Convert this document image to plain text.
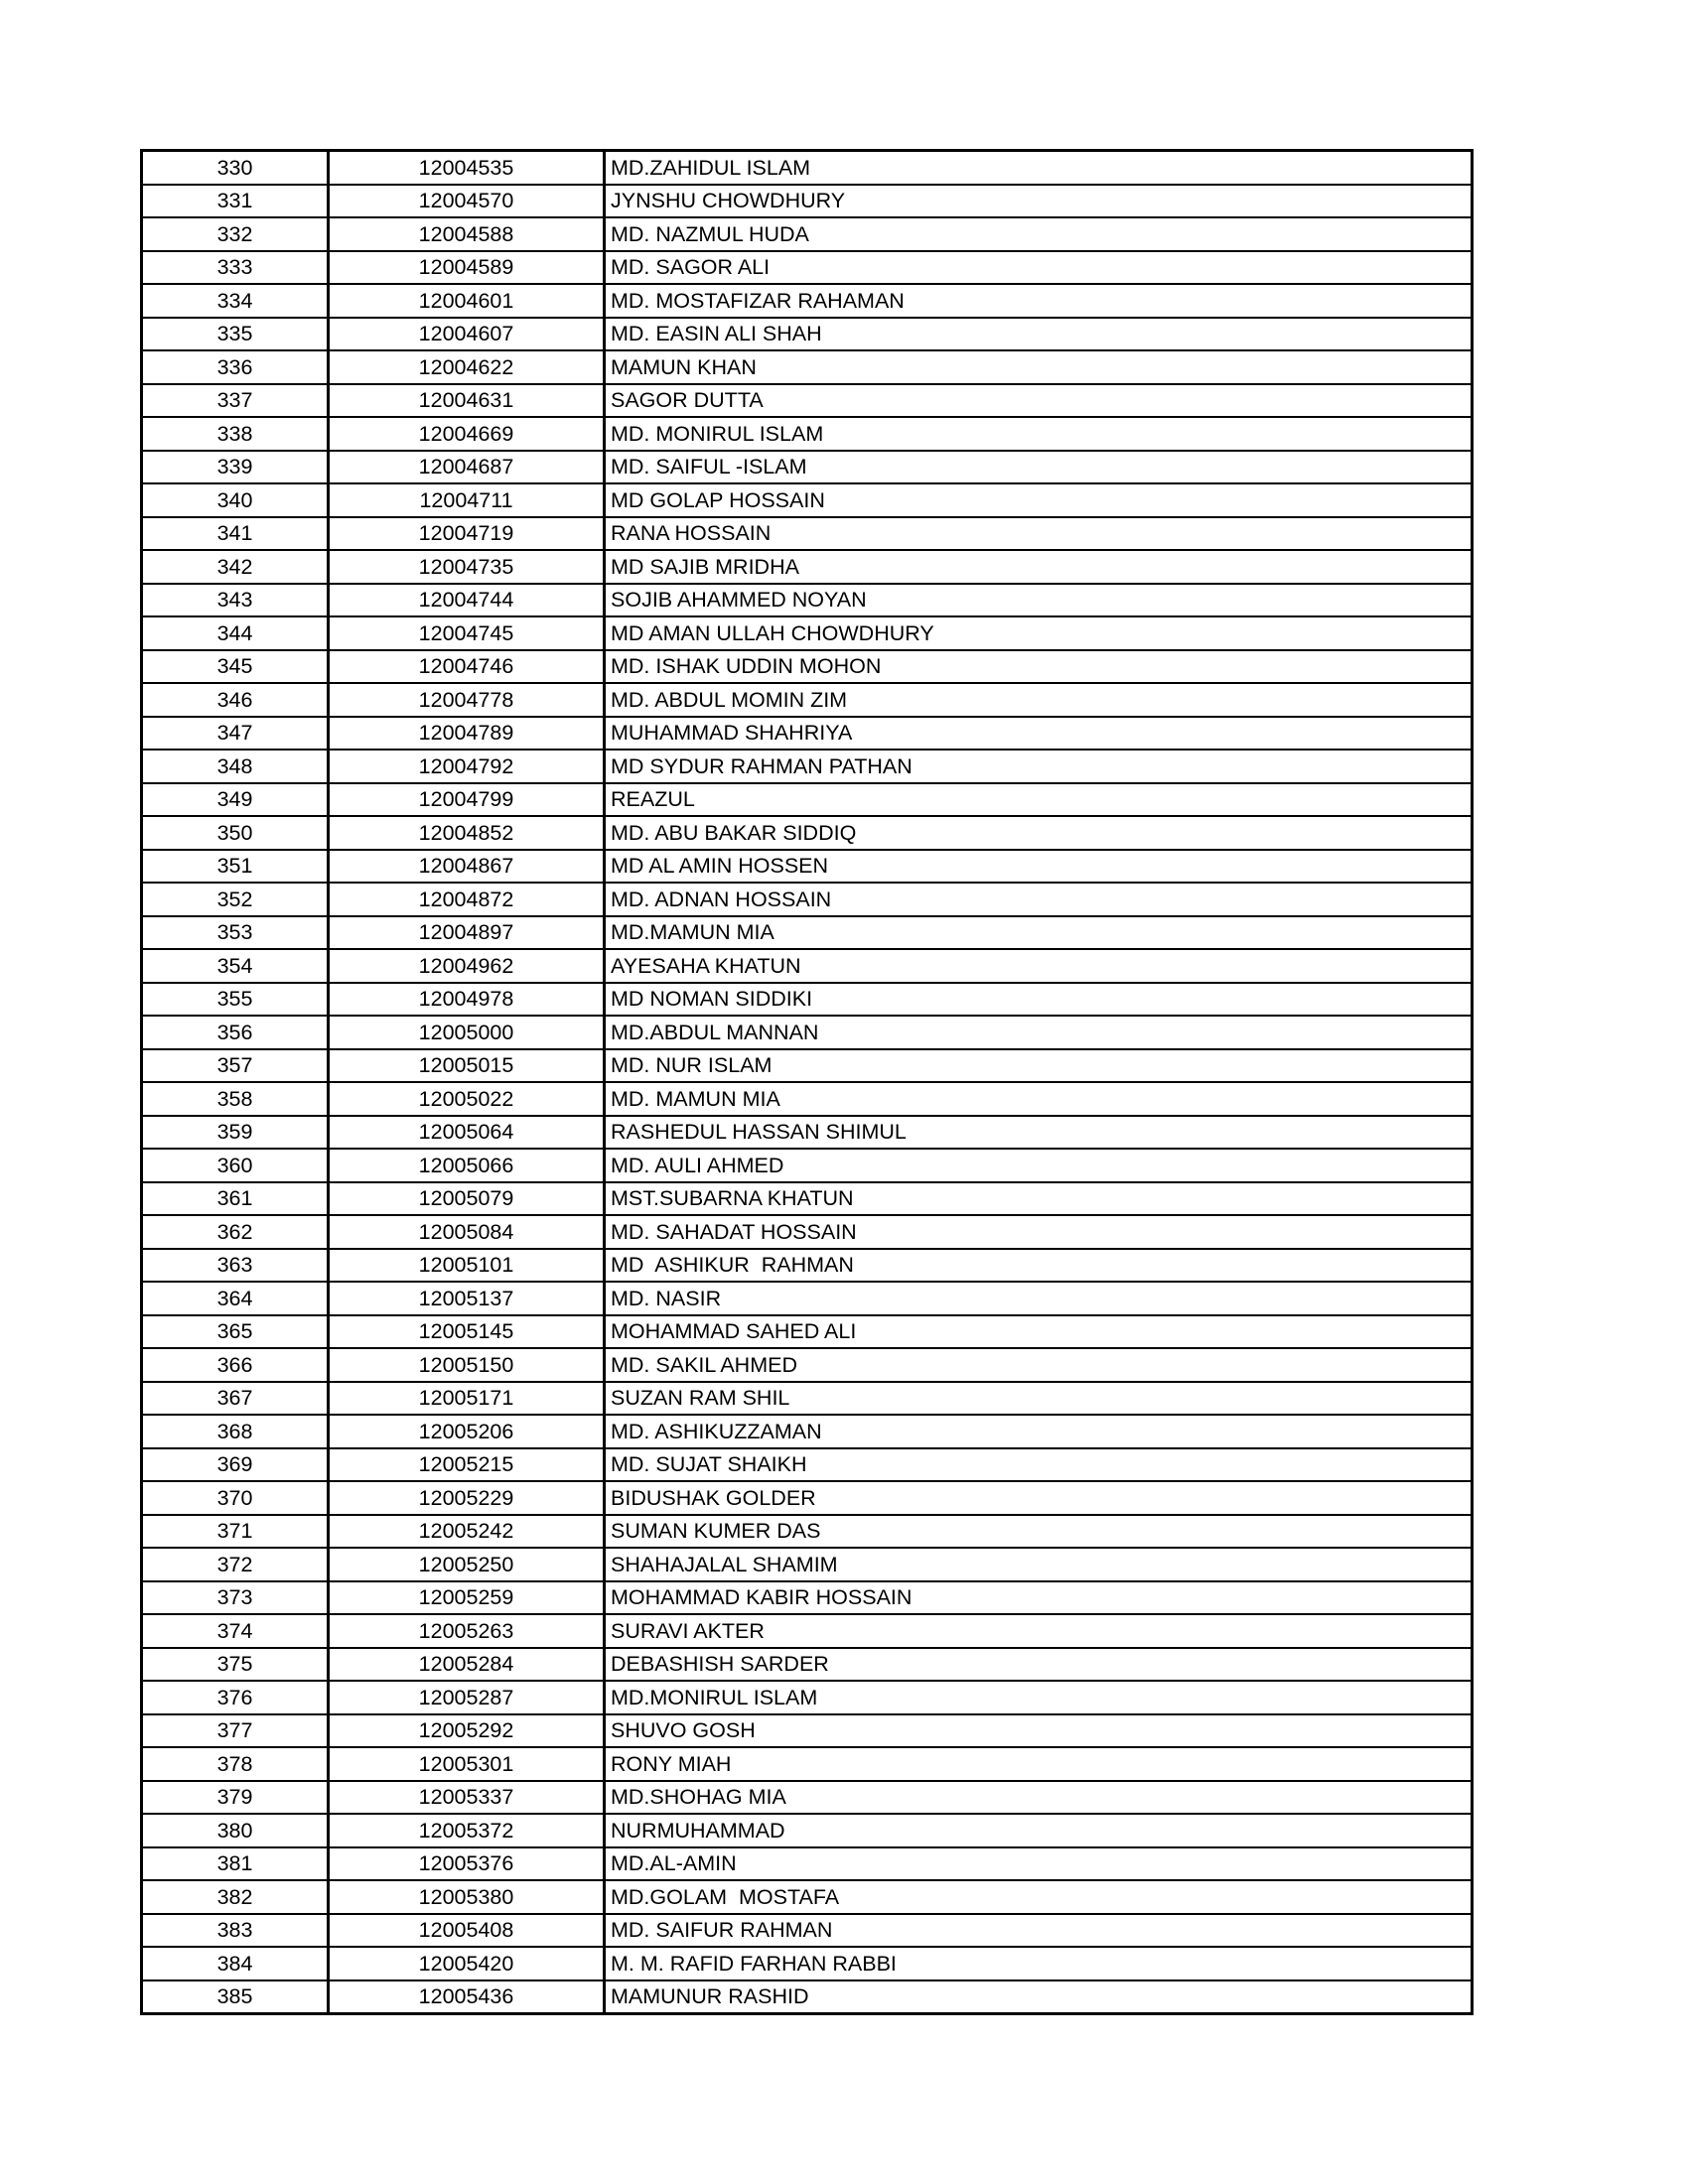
330	12004535	MD.ZAHIDUL ISLAM
331	12004570	JYNSHU CHOWDHURY
332	12004588	MD. NAZMUL HUDA
333	12004589	MD. SAGOR ALI
334	12004601	MD. MOSTAFIZAR RAHAMAN
335	12004607	MD. EASIN ALI SHAH
336	12004622	MAMUN KHAN
337	12004631	SAGOR DUTTA
338	12004669	MD. MONIRUL ISLAM
339	12004687	MD. SAIFUL -ISLAM
340	12004711	MD GOLAP HOSSAIN
341	12004719	RANA HOSSAIN
342	12004735	MD SAJIB MRIDHA
343	12004744	SOJIB AHAMMED NOYAN
344	12004745	MD AMAN ULLAH CHOWDHURY
345	12004746	MD. ISHAK UDDIN MOHON
346	12004778	MD. ABDUL MOMIN ZIM
347	12004789	MUHAMMAD SHAHRIYA
348	12004792	MD SYDUR RAHMAN PATHAN
349	12004799	REAZUL
350	12004852	MD. ABU BAKAR SIDDIQ
351	12004867	MD AL AMIN HOSSEN
352	12004872	MD. ADNAN HOSSAIN
353	12004897	MD.MAMUN MIA
354	12004962	AYESAHA KHATUN
355	12004978	MD NOMAN SIDDIKI
356	12005000	MD.ABDUL MANNAN
357	12005015	MD. NUR ISLAM
358	12005022	MD. MAMUN MIA
359	12005064	RASHEDUL HASSAN SHIMUL
360	12005066	MD. AULI AHMED
361	12005079	MST.SUBARNA KHATUN
362	12005084	MD. SAHADAT HOSSAIN
363	12005101	MD  ASHIKUR  RAHMAN
364	12005137	MD. NASIR
365	12005145	MOHAMMAD SAHED ALI
366	12005150	MD. SAKIL AHMED
367	12005171	SUZAN RAM SHIL
368	12005206	MD. ASHIKUZZAMAN
369	12005215	MD. SUJAT SHAIKH
370	12005229	BIDUSHAK GOLDER
371	12005242	SUMAN KUMER DAS
372	12005250	SHAHAJALAL SHAMIM
373	12005259	MOHAMMAD KABIR HOSSAIN
374	12005263	SURAVI AKTER
375	12005284	DEBASHISH SARDER
376	12005287	MD.MONIRUL ISLAM
377	12005292	SHUVO GOSH
378	12005301	RONY MIAH
379	12005337	MD.SHOHAG MIA
380	12005372	NURMUHAMMAD
381	12005376	MD.AL-AMIN
382	12005380	MD.GOLAM  MOSTAFA
383	12005408	MD. SAIFUR RAHMAN
384	12005420	M. M. RAFID FARHAN RABBI
385	12005436	MAMUNUR RASHID
